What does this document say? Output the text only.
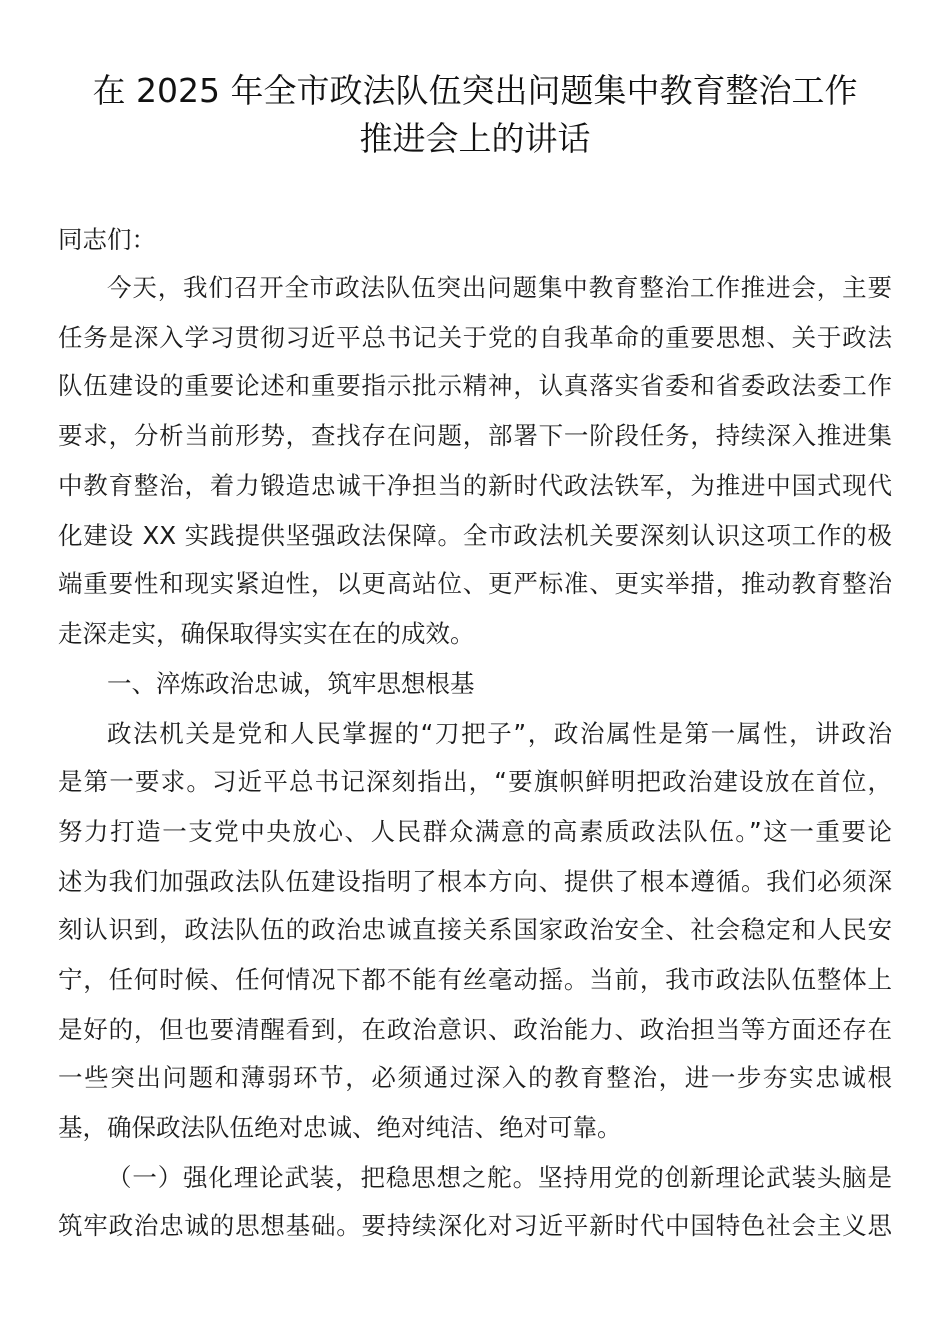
在 2025 年全市政法队伍突出问题集中教育整治工作
推进会上的讲话
同志们：
今天，我们召开全市政法队伍突出问题集中教育整治工作推进会，主要
任务是深入学习贯彻习近平总书记关于党的自我革命的重要思想、关于政法
队伍建设的重要论述和重要指示批示精神，认真落实省委和省委政法委工作
要求，分析当前形势，查找存在问题，部署下一阶段任务，持续深入推进集
中教育整治，着力锻造忠诚干净担当的新时代政法铁军，为推进中国式现代
化建设 XX 实践提供坚强政法保障。全市政法机关要深刻认识这项工作的极
端重要性和现实紧迫性，以更高站位、更严标准、更实举措，推动教育整治
走深走实，确保取得实实在在的成效。
一、淬炼政治忠诚，筑牢思想根基
政法机关是党和人民掌握的“刀把子”，政治属性是第一属性，讲政治
是第一要求。习近平总书记深刻指出，“要旗帜鲜明把政治建设放在首位，
努力打造一支党中央放心、人民群众满意的高素质政法队伍。”这一重要论
述为我们加强政法队伍建设指明了根本方向、提供了根本遵循。我们必须深
刻认识到，政法队伍的政治忠诚直接关系国家政治安全、社会稳定和人民安
宁，任何时候、任何情况下都不能有丝毫动摇。当前，我市政法队伍整体上
是好的，但也要清醒看到，在政治意识、政治能力、政治担当等方面还存在
一些突出问题和薄弱环节，必须通过深入的教育整治，进一步夯实忠诚根
基，确保政法队伍绝对忠诚、绝对纯洁、绝对可靠。
（一）强化理论武装，把稳思想之舵。坚持用党的创新理论武装头脑是
筑牢政治忠诚的思想基础。要持续深化对习近平新时代中国特色社会主义思
